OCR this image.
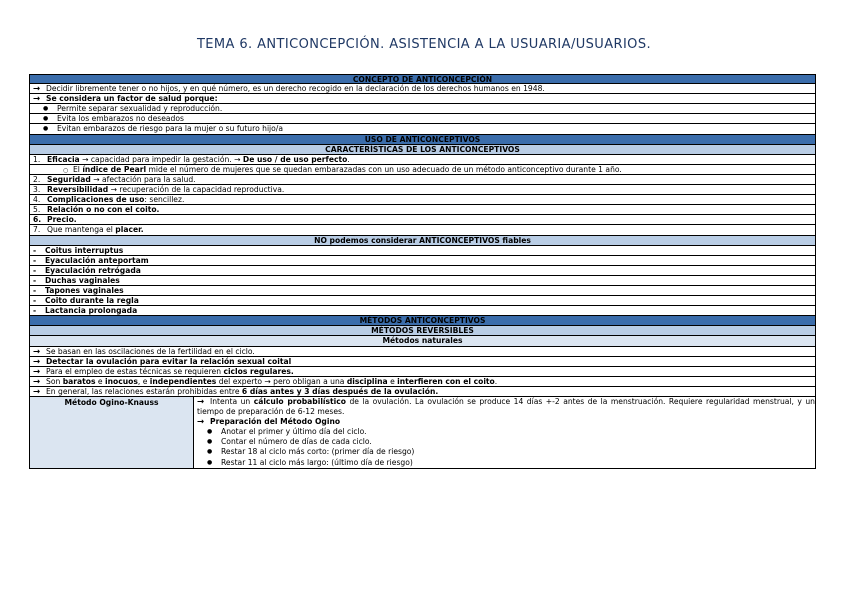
TEMA 6. ANTICONCEPCIÓN. ASISTENCIA A LA USUARIA/USUARIOS.
CONCEPTO DE ANTICONCEPCIÓN
→ Decidir libremente tener o no hijos, y en qué número, es un derecho recogido en la declaración de los derechos humanos en 1948.
→ Se considera un factor de salud porque:
● Permite separar sexualidad y reproducción.
● Evita los embarazos no deseados
● Evitan embarazos de riesgo para la mujer o su futuro hijo/a
USO DE ANTICONCEPTIVOS
CARACTERÍSTICAS DE LOS ANTICONCEPTIVOS
1. Eficacia → capacidad para impedir la gestación. → De uso / de uso perfecto.
○ El índice de Pearl mide el número de mujeres que se quedan embarazadas con un uso adecuado de un método anticonceptivo durante 1 año.
2. Seguridad → afectación para la salud.
3. Reversibilidad → recuperación de la capacidad reproductiva.
4. Complicaciones de uso: sencillez.
5. Relación o no con el coito.
6. Precio.
7. Que mantenga el placer.
NO podemos considerar ANTICONCEPTIVOS fiables
- Coitus interruptus
- Eyaculación anteportam
- Eyaculación retrógada
- Duchas vaginales
- Tapones vaginales
- Coito durante la regla
- Lactancia prolongada
MÉTODOS ANTICONCEPTIVOS
MÉTODOS REVERSIBLES
Métodos naturales
→ Se basan en las oscilaciones de la fertilidad en el ciclo.
→ Detectar la ovulación para evitar la relación sexual coital
→ Para el empleo de estas técnicas se requieren ciclos regulares.
→ Son baratos e inocuos, e independientes del experto → pero obligan a una disciplina e interfieren con el coito.
→ En general, las relaciones estarán prohibidas entre 6 días antes y 3 días después de la ovulación.
Método Ogino-Knauss	→ Intenta un cálculo probabilístico de la ovulación. La ovulación se produce 14 días +-2 antes de la menstruación. Requiere regularidad menstrual, y un tiempo de preparación de 6-12 meses.
→ Preparación del Método Ogino
● Anotar el primer y último día del ciclo.
● Contar el número de días de cada ciclo.
● Restar 18 al ciclo más corto: (primer día de riesgo)
● Restar 11 al ciclo más largo: (último día de riesgo)
